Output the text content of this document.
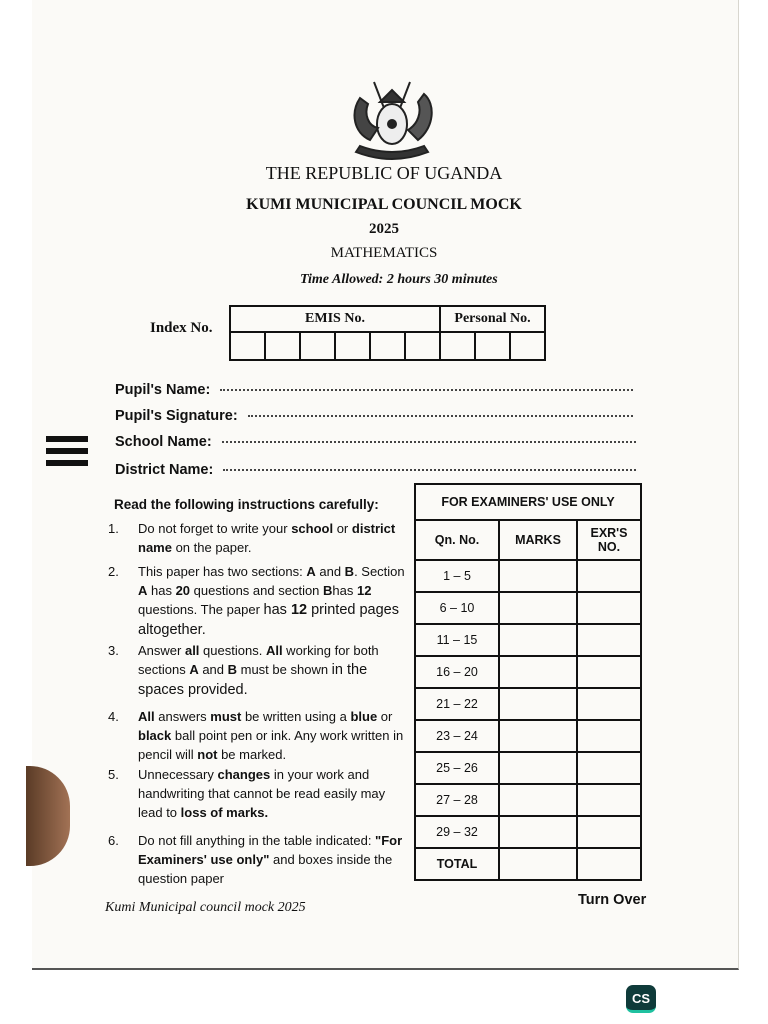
THE REPUBLIC OF UGANDA
KUMI MUNICIPAL COUNCIL MOCK
2025
MATHEMATICS
Time Allowed: 2 hours 30 minutes
Index No.
EMIS No.						Personal No.		

Pupil's Name:
Pupil's Signature:
School Name:
District Name:
Read the following instructions carefully:
1.	Do not forget to write your school or district name on the paper.
2.	This paper has two sections: A and B. Section A has 20 questions and section Bhas 12 questions. The paper has 12 printed pages altogether.
3.	Answer all questions. All working for both sections A and B must be shown in the spaces provided.
4.	All answers must be written using a blue or black ball point pen or ink. Any work written in pencil will not be marked.
5.	Unnecessary changes in your work and handwriting that cannot be read easily may lead to loss of marks.
6.	Do not fill anything in the table indicated: "For Examiners' use only" and boxes inside the question paper
FOR EXAMINERS' USE ONLY		
Qn. No.	MARKS	EXR'S NO.
1 – 5		
6 – 10		
11 – 15		
16 – 20		
21 – 22		
23 – 24		
25 – 26		
27 – 28		
29 – 32		
TOTAL		
Kumi Municipal council mock 2025	Turn Over
CS
